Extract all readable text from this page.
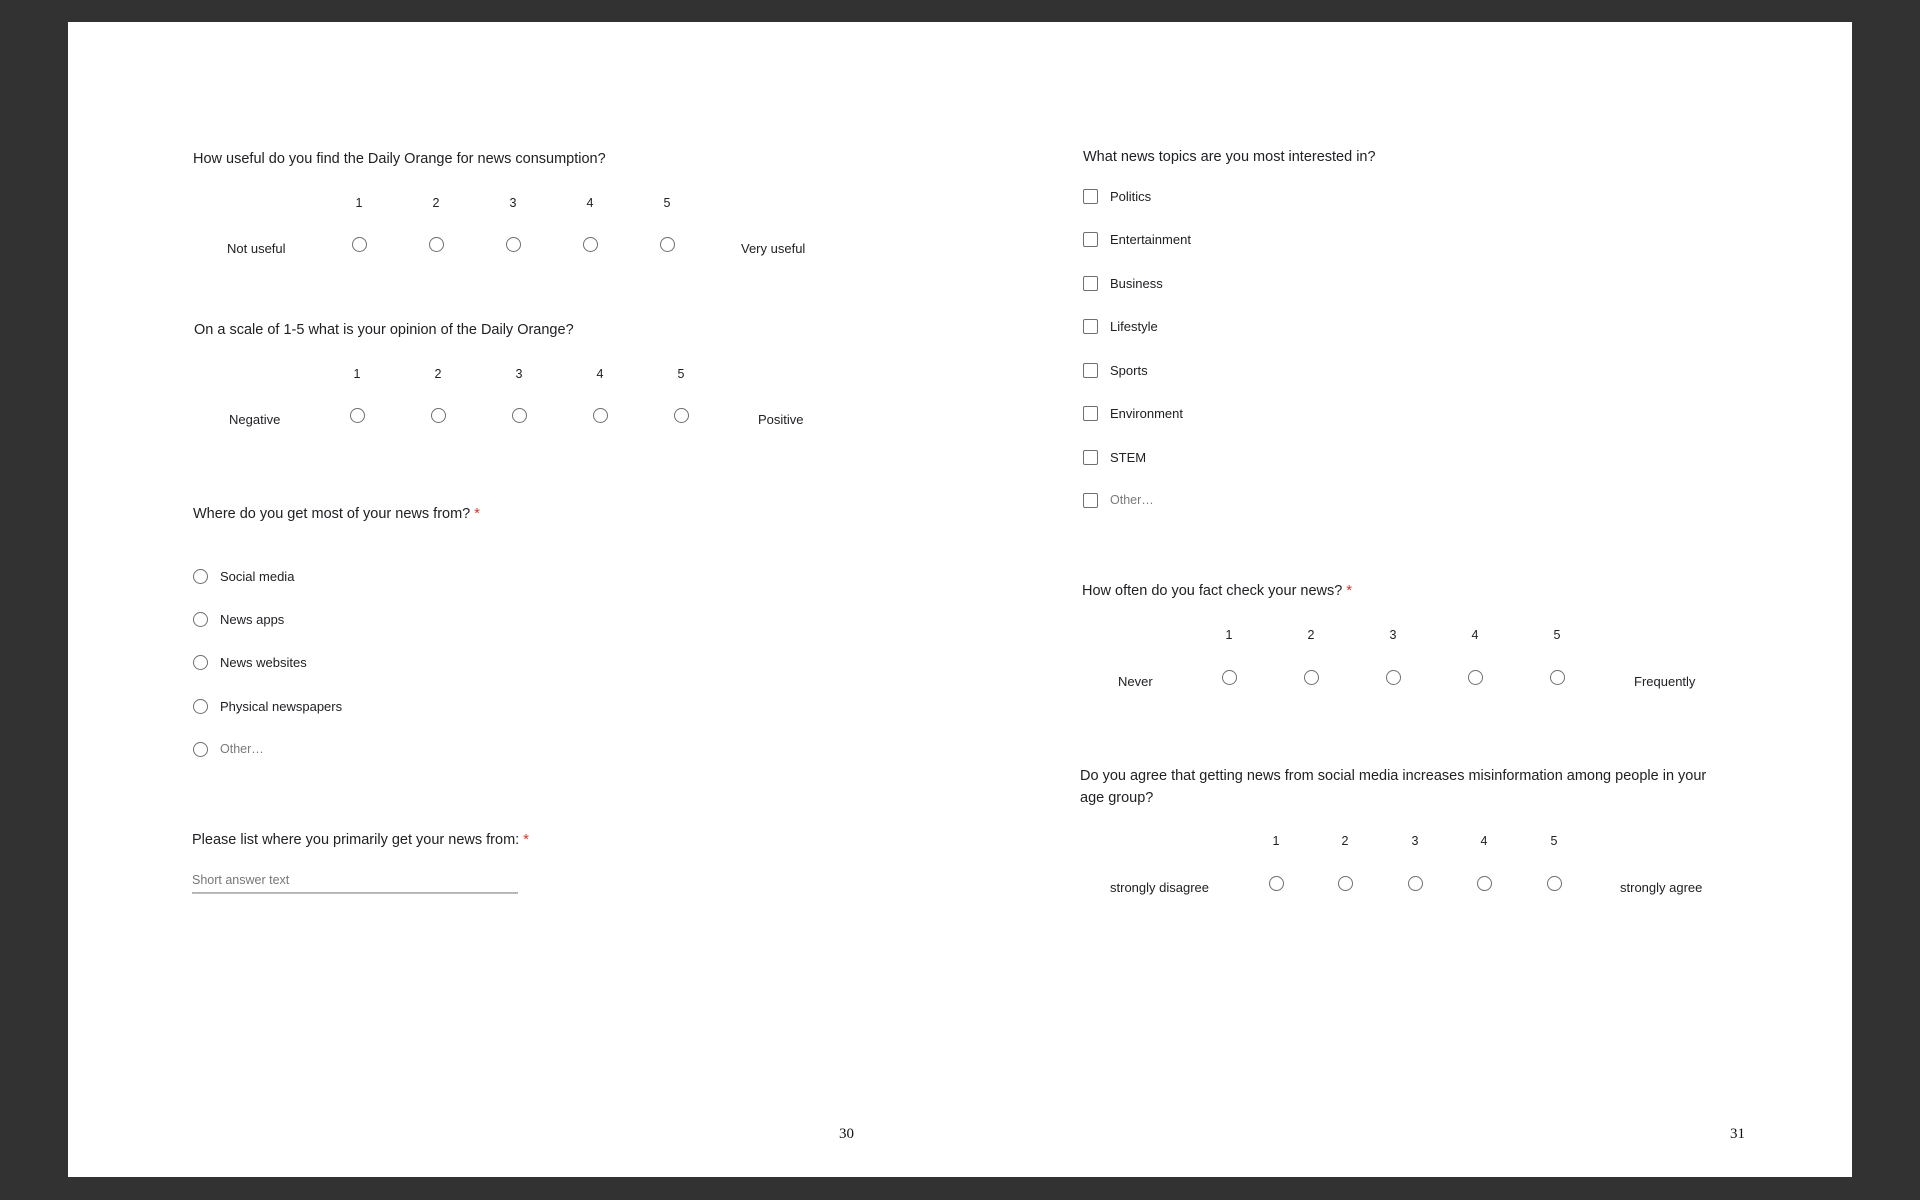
How useful do you find the Daily Orange for news consumption?
1	2	3	4	5
Not useful	Very useful
On a scale of 1-5 what is your opinion of the Daily Orange?
1	2	3	4	5
Negative	Positive
Where do you get most of your news from? *
Social media
News apps
News websites
Physical newspapers
Other…
Please list where you primarily get your news from: *
Short answer text
30
What news topics are you most interested in?
Politics
Entertainment
Business
Lifestyle
Sports
Environment
STEM
Other…
How often do you fact check your news? *
1	2	3	4	5
Never	Frequently
Do you agree that getting news from social media increases misinformation among people in your age group?
1	2	3	4	5
strongly disagree	strongly agree
31
